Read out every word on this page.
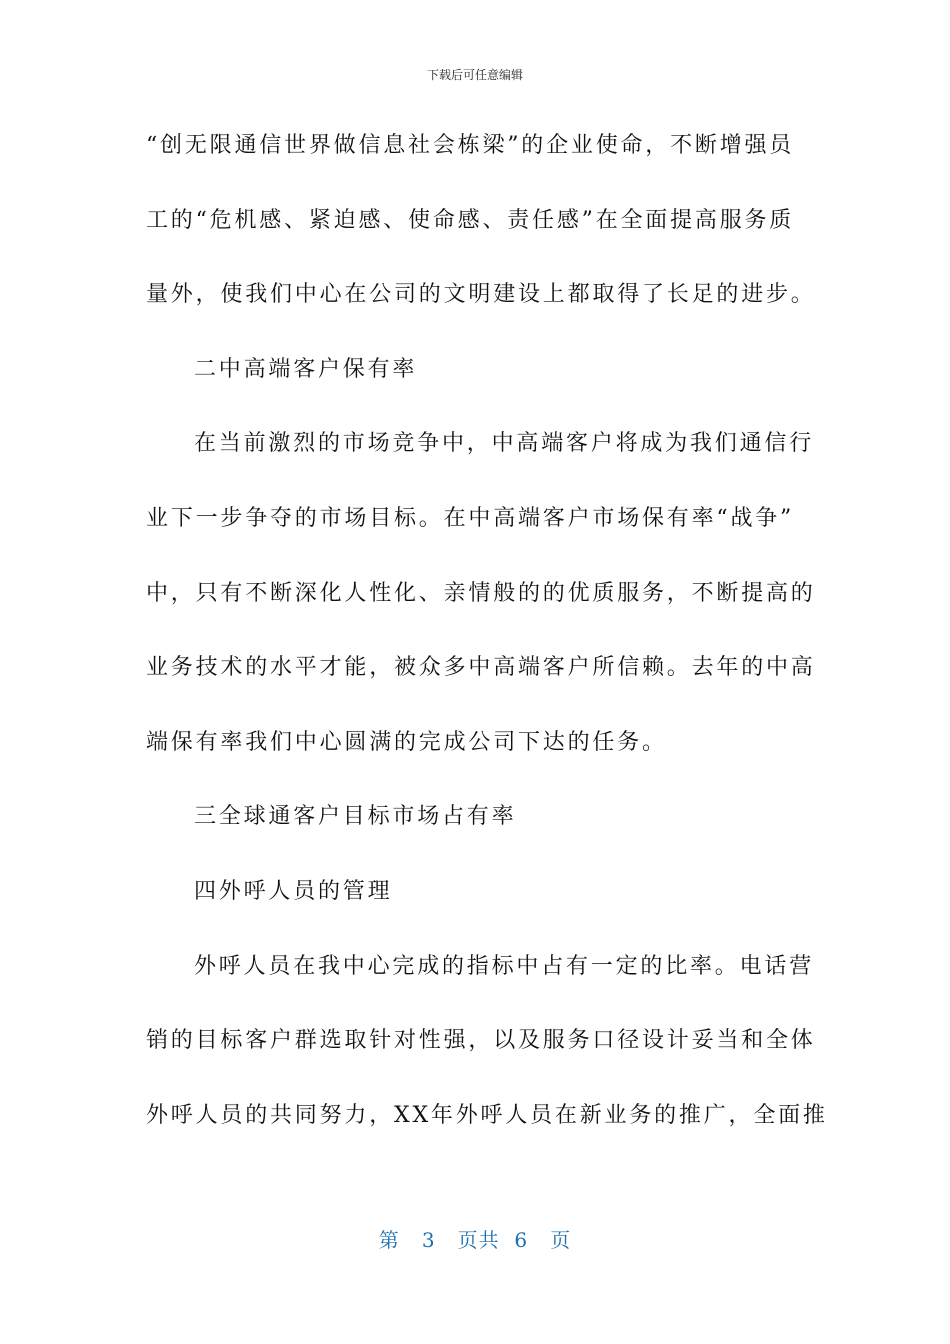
下载后可任意编辑
“创无限通信世界做信息社会栋梁”的企业使命，不断增强员
工的“危机感、紧迫感、使命感、责任感”在全面提高服务质
量外，使我们中心在公司的文明建设上都取得了长足的进步。
二中高端客户保有率
在当前激烈的市场竞争中，中高端客户将成为我们通信行
业下一步争夺的市场目标。在中高端客户市场保有率“战争”
中，只有不断深化人性化、亲情般的的优质服务，不断提高的
业务技术的水平才能，被众多中高端客户所信赖。去年的中高
端保有率我们中心圆满的完成公司下达的任务。
三全球通客户目标市场占有率
四外呼人员的管理
外呼人员在我中心完成的指标中占有一定的比率。电话营
销的目标客户群选取针对性强，以及服务口径设计妥当和全体
外呼人员的共同努力，XX年外呼人员在新业务的推广，全面推
第 3 页共 6 页
